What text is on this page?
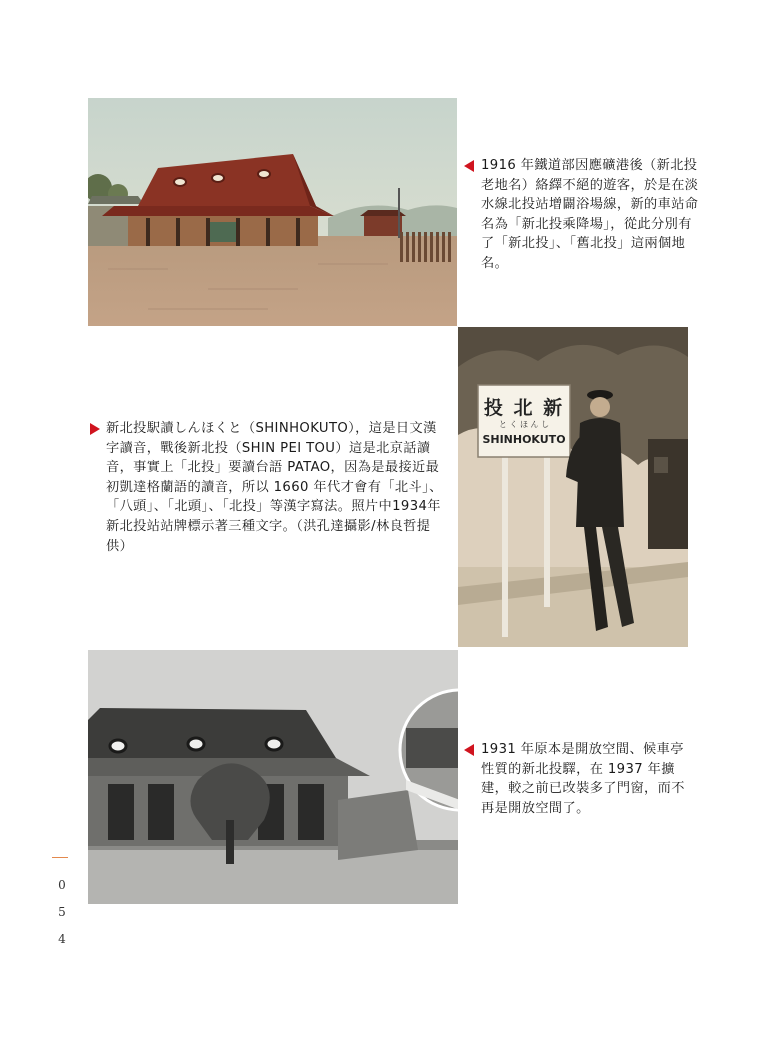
1916 年鐵道部因應礦港後（新北投老地名）絡繹不絕的遊客，於是在淡水線北投站增闢浴場線，新的車站命名為「新北投乘降場」，從此分別有了「新北投」、「舊北投」這兩個地名。

投 北 新
と く ほ ん し
SHINHOKUTO

新北投駅讀しんほくと（SHINHOKUTO），這是日文漢字讀音，戰後新北投（SHIN PEI TOU）這是北京話讀音，事實上「北投」要讀台語 PATAO，因為是最接近最初凱達格蘭語的讀音，所以 1660 年代才會有「北斗」、「八頭」、「北頭」、「北投」等漢字寫法。照片中1934年新北投站站牌標示著三種文字。（洪孔達攝影/林良哲提供）

1931 年原本是開放空間、候車亭性質的新北投驛，在 1937 年擴建，較之前已改裝多了門窗，而不再是開放空間了。

0
5
4
